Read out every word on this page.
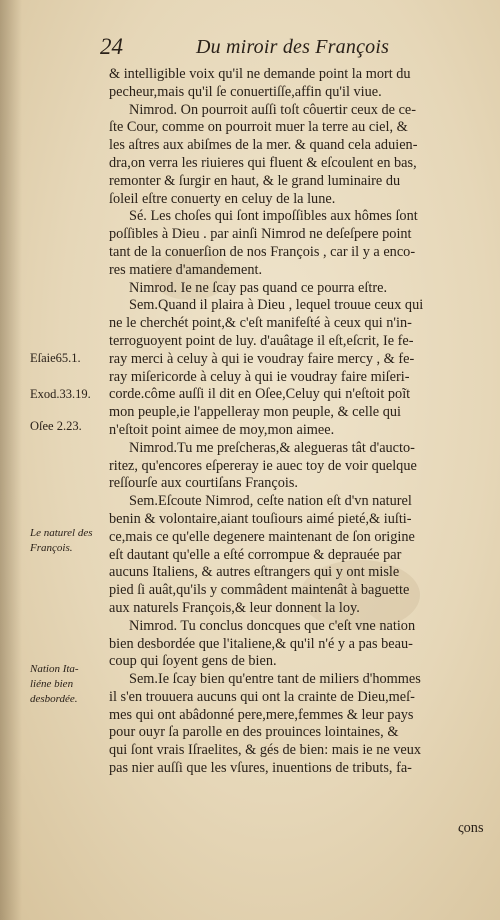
24	Du miroir des François
& intelligible voix qu'il ne demande point la mort du
pecheur,mais qu'il ſe conuertiſſe,affin qu'il viue.
Nimrod. On pourroit auſſi toſt côuertir ceux de ce-
ſte Cour, comme on pourroit muer la terre au ciel, &
les aſtres aux abiſmes de la mer. & quand cela aduien-
dra,on verra les riuieres qui fluent & eſcoulent en bas,
remonter & ſurgir en haut, & le grand luminaire du
ſoleil eſtre conuerty en celuy de la lune.
Sé. Les choſes qui ſont impoſſibles aux hômes ſont
poſſibles à Dieu . par ainſi Nimrod ne deſeſpere point
tant de la conuerſion de nos François , car il y a enco-
res matiere d'amandement.
Nimrod. Ie ne ſcay pas quand ce pourra eſtre.
Sem.Quand il plaira à Dieu , lequel trouue ceux qui
ne le cherchét point,& c'eſt manifeſté à ceux qui n'in-
terroguoyent point de luy. d'auâtage il eſt,eſcrit, Ie fe-
ray merci à celuy à qui ie voudray faire mercy , & fe-
ray miſericorde à celuy à qui ie voudray faire miſeri-
corde.côme auſſi il dit en Oſee,Celuy qui n'eſtoit poĩt
mon peuple,ie l'appelleray mon peuple, & celle qui
n'eſtoit point aimee de moy,mon aimee.
Nimrod.Tu me preſcheras,& alegueras tât d'aucto-
ritez, qu'encores eſpereray ie auec toy de voir quelque
reſſourſe aux courtiſans François.
Sem.Eſcoute Nimrod, ceſte nation eſt d'vn naturel
benin & volontaire,aiant touſiours aimé pieté,& iuſti-
ce,mais ce qu'elle degenere maintenant de ſon origine
eſt dautant qu'elle a eſté corrompue & deprauée par
aucuns Italiens, & autres eſtrangers qui y ont misle
pied ſi auât,qu'ils y commâdent maintenât à baguette
aux naturels François,& leur donnent la loy.
Nimrod. Tu conclus doncques que c'eſt vne nation
bien desbordée que l'italiene,& qu'il n'é y a pas beau-
coup qui ſoyent gens de bien.
Sem.Ie ſcay bien qu'entre tant de miliers d'hommes
il s'en trouuera aucuns qui ont la crainte de Dieu,meſ-
mes qui ont abâdonné pere,mere,femmes & leur pays
pour ouyr ſa parolle en des prouinces lointaines, &
qui ſont vrais Iſraelites, & gés de bien: mais ie ne veux
pas nier auſſi que les vſures, inuentions de tributs, fa-
Eſaie65.1.
Exod.33.19.
Oſee 2.23.
Le naturel des
François.
Nation Ita-
liéne bien
desbordée.
ςons
